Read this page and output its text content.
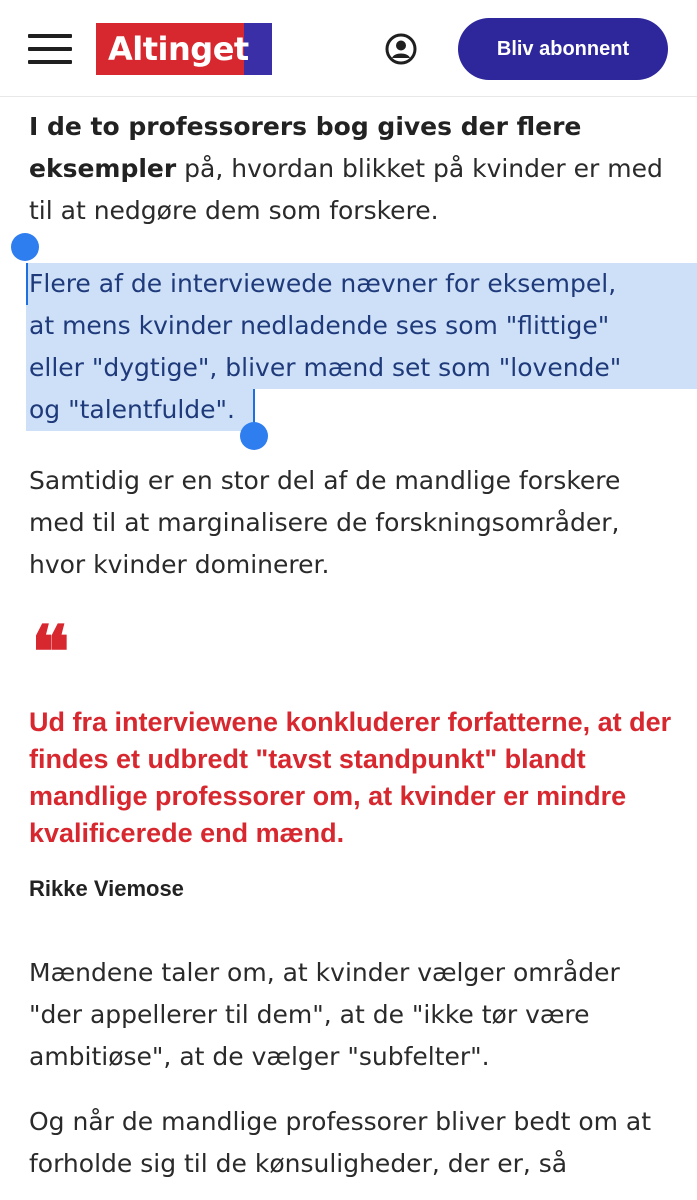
Altinget	Bliv abonnent

I de to professorers bog gives der flere eksempler på, hvordan blikket på kvinder er med til at nedgøre dem som forskere.

Flere af de interviewede nævner for eksempel,
at mens kvinder nedladende ses som "flittige"
eller "dygtige", bliver mænd set som "lovende"
og "talentfulde".

Samtidig er en stor del af de mandlige forskere med til at marginalisere de forskningsområder, hvor kvinder dominerer.

❝

Ud fra interviewene konkluderer forfatterne, at der findes et udbredt "tavst standpunkt" blandt mandlige professorer om, at kvinder er mindre kvalificerede end mænd.

Rikke Viemose

Mændene taler om, at kvinder vælger områder "der appellerer til dem", at de "ikke tør være ambitiøse", at de vælger "subfelter".

Og når de mandlige professorer bliver bedt om at forholde sig til de kønsuligheder, der er, så
